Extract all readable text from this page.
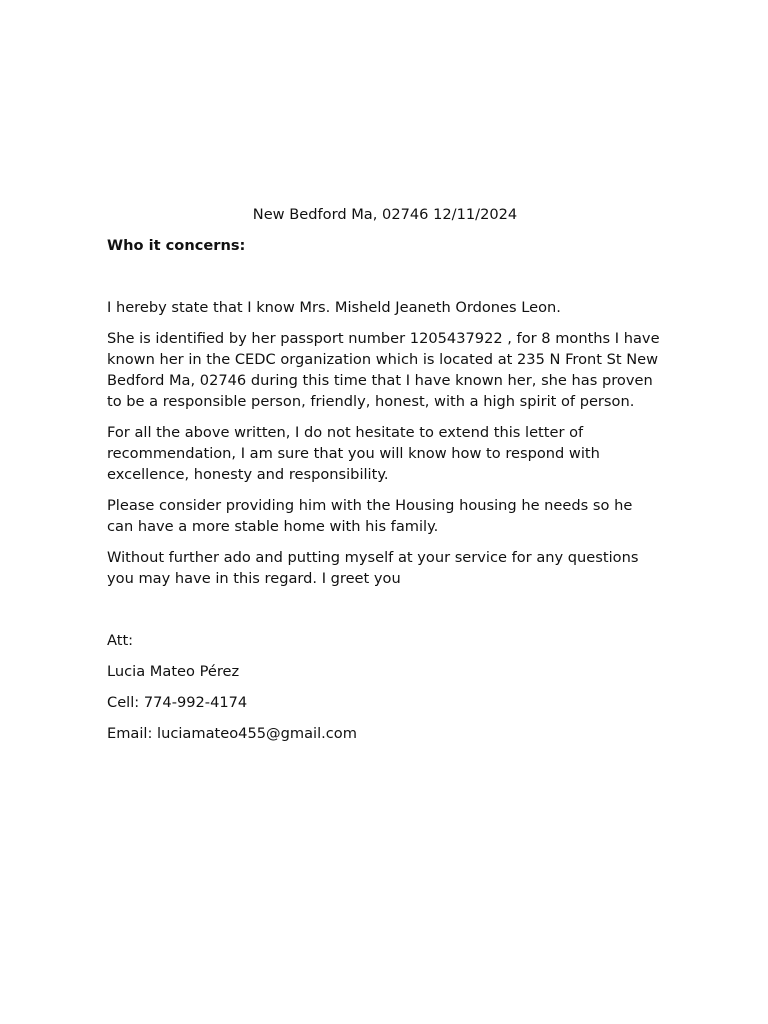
New Bedford Ma, 02746 12/11/2024
Who it concerns:

I hereby state that I know Mrs. Misheld Jeaneth Ordones Leon.

She is identified by her passport number 1205437922 , for 8 months I have known her in the CEDC organization which is located at 235 N Front St New Bedford Ma, 02746 during this time that I have known her, she has proven to be a responsible person, friendly, honest, with a high spirit of person.

For all the above written, I do not hesitate to extend this letter of recommendation, I am sure that you will know how to respond with excellence, honesty and responsibility.

Please consider providing him with the Housing housing he needs so he can have a more stable home with his family.

Without further ado and putting myself at your service for any questions you may have in this regard. I greet you

Att:
Lucia Mateo Pérez
Cell: 774-992-4174
Email: luciamateo455@gmail.com
